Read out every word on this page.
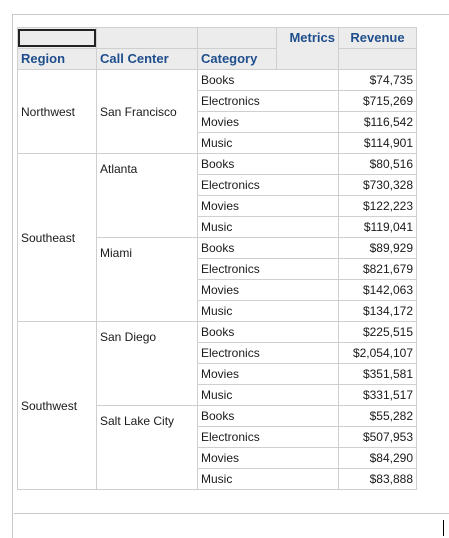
			Metrics	Revenue
Region	Call Center	Category		
Northwest	San Francisco	Books		$74,735
		Electronics		$715,269
		Movies		$116,542
		Music		$114,901
Southeast	Atlanta	Books		$80,516
		Electronics		$730,328
		Movies		$122,223
		Music		$119,041
	Miami	Books		$89,929
		Electronics		$821,679
		Movies		$142,063
		Music		$134,172
Southwest	San Diego	Books		$225,515
		Electronics		$2,054,107
		Movies		$351,581
		Music		$331,517
	Salt Lake City	Books		$55,282
		Electronics		$507,953
		Movies		$84,290
		Music		$83,888
